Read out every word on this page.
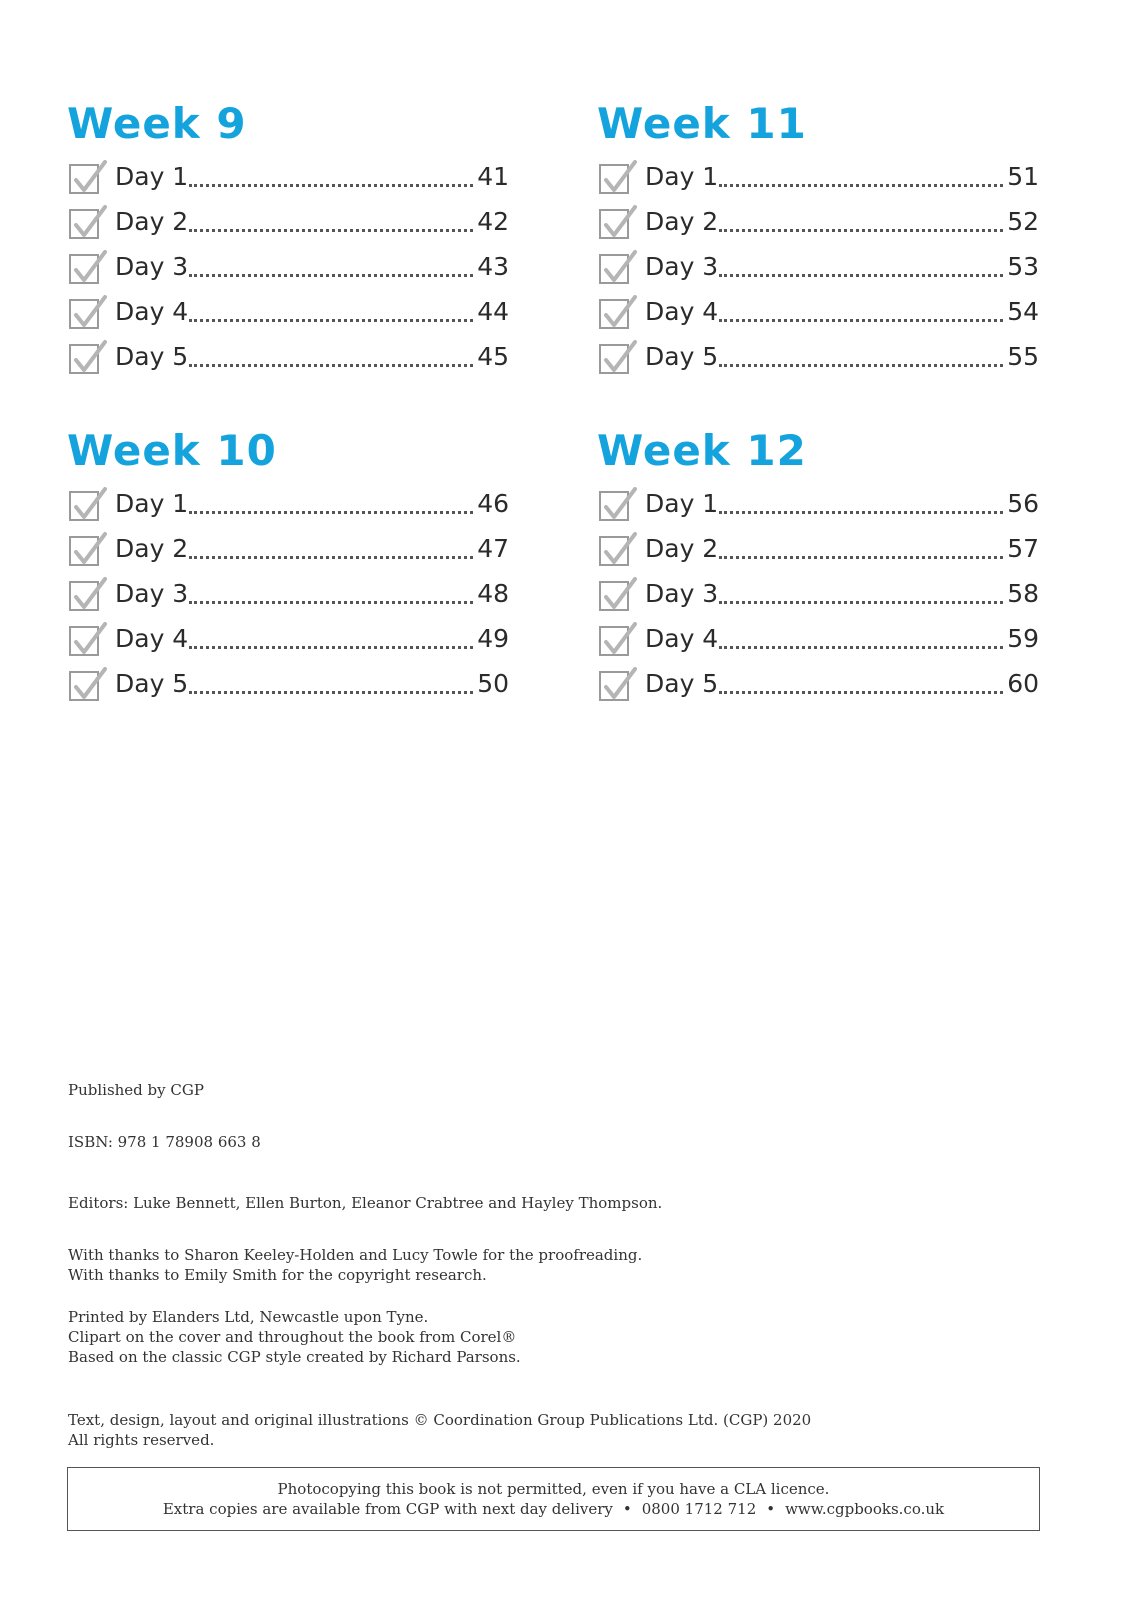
Week 9
Day 1	41
Day 2	42
Day 3	43
Day 4	44
Day 5	45
Week 11
Day 1	51
Day 2	52
Day 3	53
Day 4	54
Day 5	55
Week 10
Day 1	46
Day 2	47
Day 3	48
Day 4	49
Day 5	50
Week 12
Day 1	56
Day 2	57
Day 3	58
Day 4	59
Day 5	60

Published by CGP

ISBN: 978 1 78908 663 8

Editors: Luke Bennett, Ellen Burton, Eleanor Crabtree and Hayley Thompson.

With thanks to Sharon Keeley-Holden and Lucy Towle for the proofreading.

With thanks to Emily Smith for the copyright research.

Printed by Elanders Ltd, Newcastle upon Tyne.

Clipart on the cover and throughout the book from Corel®

Based on the classic CGP style created by Richard Parsons.

Text, design, layout and original illustrations © Coordination Group Publications Ltd. (CGP) 2020

All rights reserved.

Photocopying this book is not permitted, even if you have a CLA licence.
Extra copies are available from CGP with next day delivery • 0800 1712 712 • www.cgpbooks.co.uk
